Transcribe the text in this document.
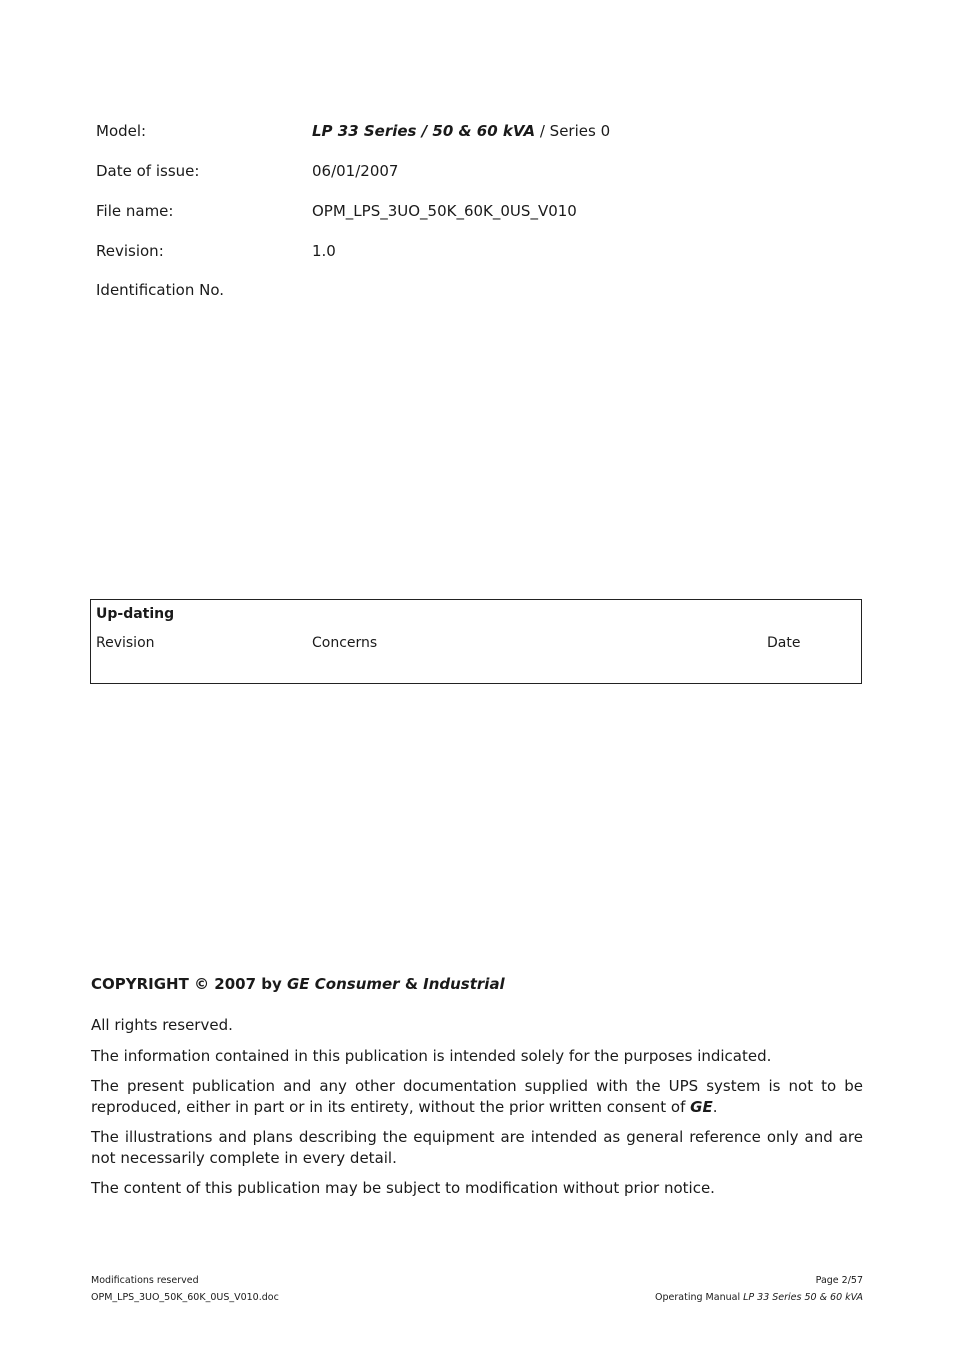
Model:	LP 33 Series / 50 & 60 kVA / Series 0
Date of issue:	06/01/2007
File name:	OPM_LPS_3UO_50K_60K_0US_V010
Revision:	1.0
Identification No.
Up-dating
Revision	Concerns	Date
COPYRIGHT © 2007 by GE Consumer & Industrial
All rights reserved.
The information contained in this publication is intended solely for the purposes indicated.
The present publication and any other documentation supplied with the UPS system is not to be reproduced, either in part or in its entirety, without the prior written consent of GE.
The illustrations and plans describing the equipment are intended as general reference only and are not necessarily complete in every detail.
The content of this publication may be subject to modification without prior notice.
Modifications reserved
OPM_LPS_3UO_50K_60K_0US_V010.doc
Page 2/57
Operating Manual LP 33 Series 50 & 60 kVA
